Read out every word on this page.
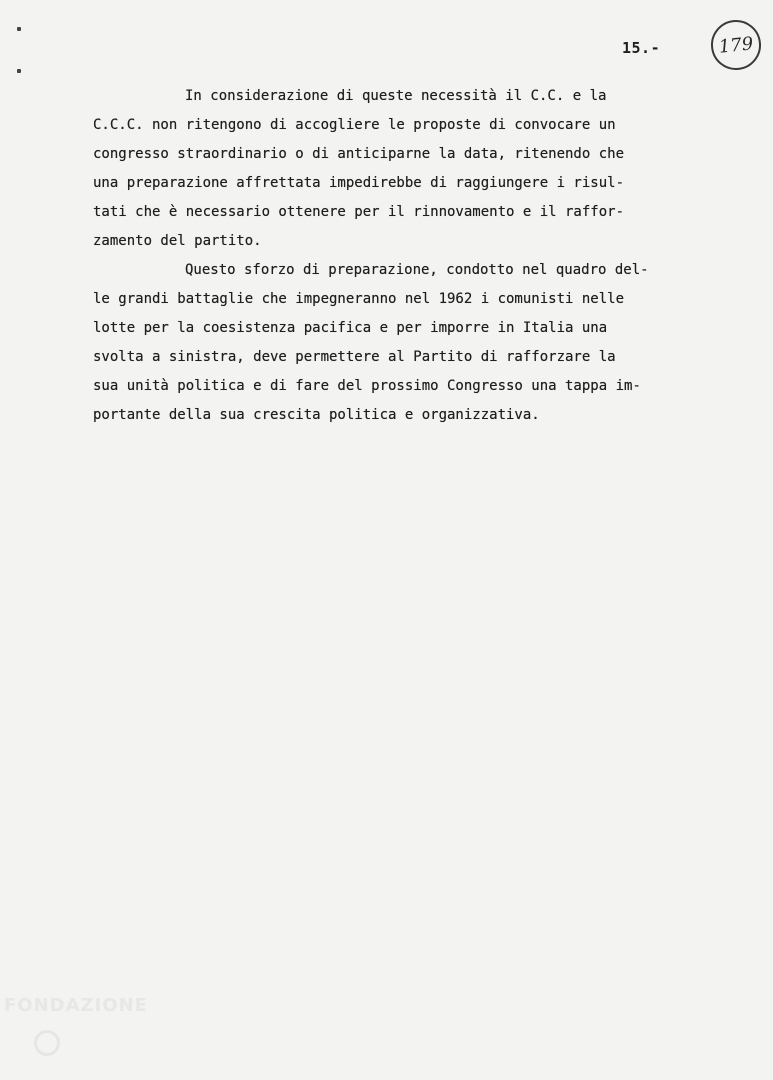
15.-	179
In considerazione di queste necessità il C.C. e la
C.C.C. non ritengono di accogliere le proposte di convocare un
congresso straordinario o di anticiparne la data, ritenendo che
una preparazione affrettata impedirebbe di raggiungere i risul-
tati che è necessario ottenere per il rinnovamento e il raffor-
zamento del partito.
Questo sforzo di preparazione, condotto nel quadro del-
le grandi battaglie che impegneranno nel 1962 i comunisti nelle
lotte per la coesistenza pacifica e per imporre in Italia una
svolta a sinistra, deve permettere al Partito di rafforzare la
sua unità politica e di fare del prossimo Congresso una tappa im-
portante della sua crescita politica e organizzativa.
FONDAZIONE
